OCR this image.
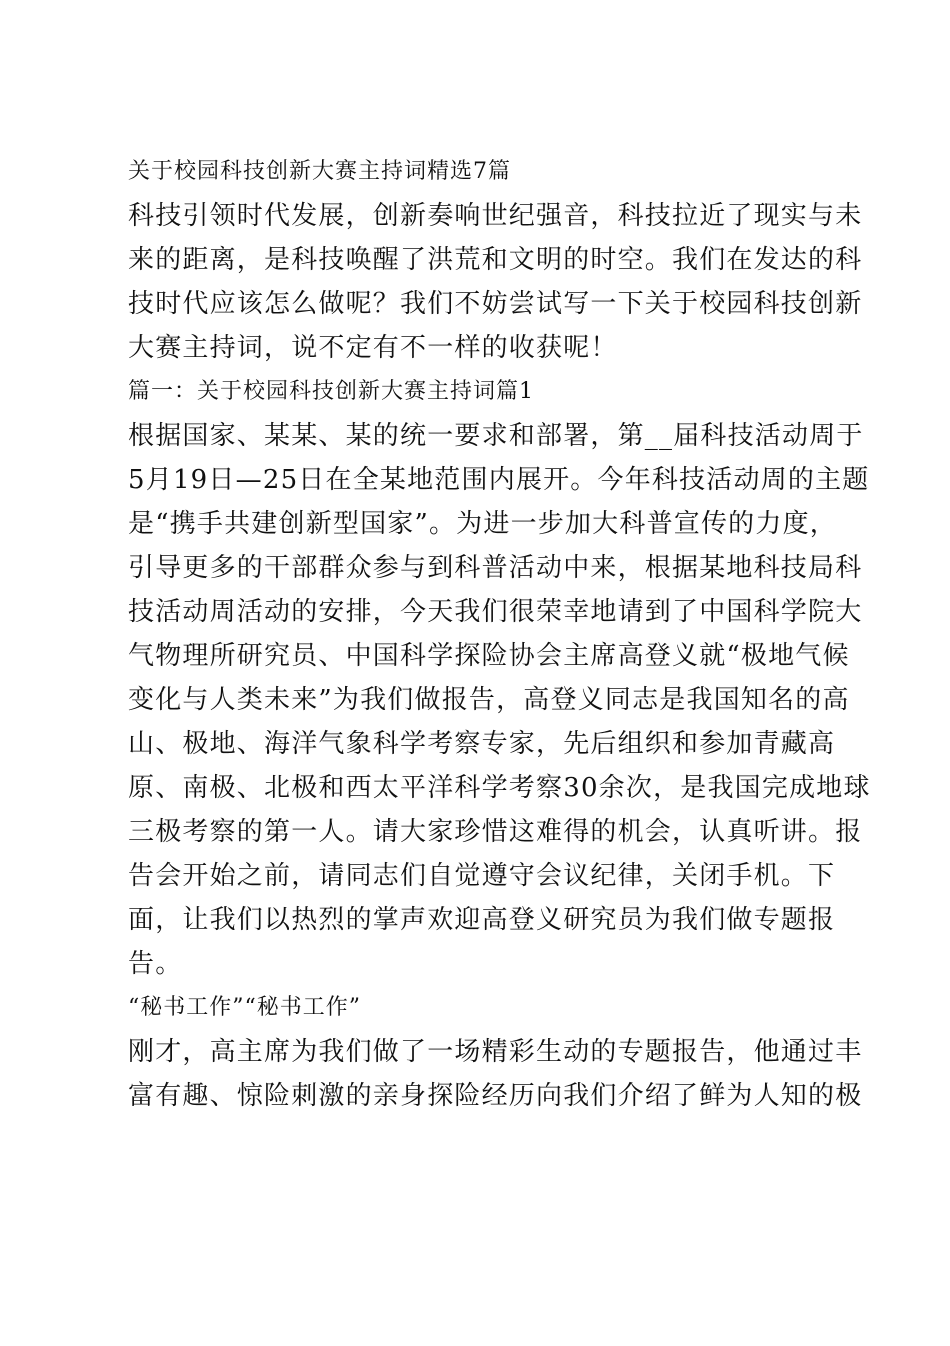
关于校园科技创新大赛主持词精选7篇
科技引领时代发展，创新奏响世纪强音，科技拉近了现实与未
来的距离，是科技唤醒了洪荒和文明的时空。我们在发达的科
技时代应该怎么做呢？我们不妨尝试写一下关于校园科技创新
大赛主持词，说不定有不一样的收获呢！
篇一：关于校园科技创新大赛主持词篇1
根据国家、某某、某的统一要求和部署，第__届科技活动周于
5月19日—25日在全某地范围内展开。今年科技活动周的主题
是“携手共建创新型国家”。为进一步加大科普宣传的力度，
引导更多的干部群众参与到科普活动中来，根据某地科技局科
技活动周活动的安排，今天我们很荣幸地请到了中国科学院大
气物理所研究员、中国科学探险协会主席高登义就“极地气候
变化与人类未来”为我们做报告，高登义同志是我国知名的高
山、极地、海洋气象科学考察专家，先后组织和参加青藏高
原、南极、北极和西太平洋科学考察30余次，是我国完成地球
三极考察的第一人。请大家珍惜这难得的机会，认真听讲。报
告会开始之前，请同志们自觉遵守会议纪律，关闭手机。下
面，让我们以热烈的掌声欢迎高登义研究员为我们做专题报
告。
“秘书工作”“秘书工作”
刚才，高主席为我们做了一场精彩生动的专题报告，他通过丰
富有趣、惊险刺激的亲身探险经历向我们介绍了鲜为人知的极
